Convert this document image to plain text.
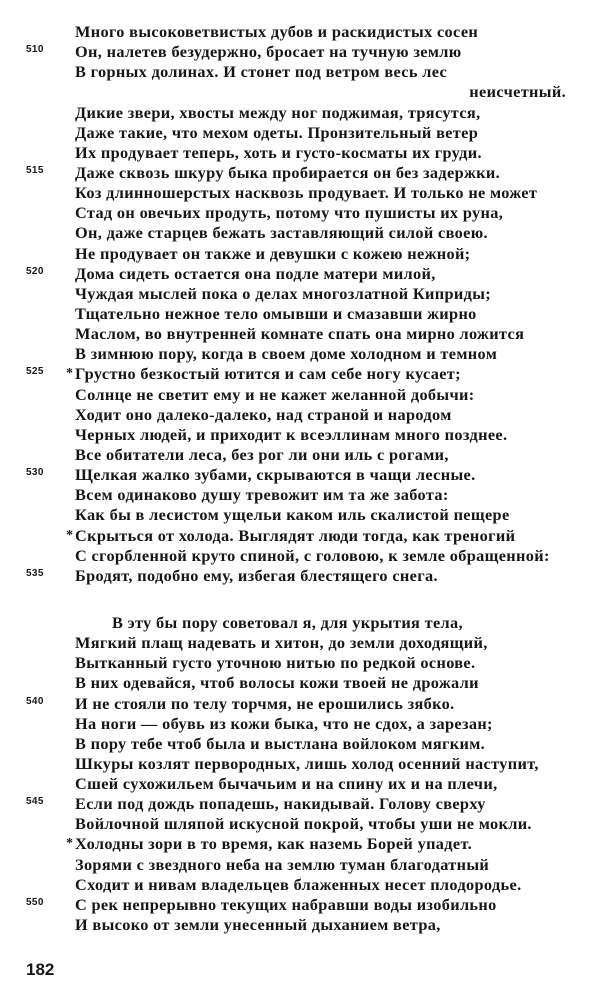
Много высоковетвистых дубов и раскидистых сосен
510 Он, налетев безудержно, бросает на тучную землю
В горных долинах. И стонет под ветром весь лес
неисчетный.
Дикие звери, хвосты между ног поджимая, трясутся,
Даже такие, что мехом одеты. Пронзительный ветер
Их продувает теперь, хоть и густо-косматы их груди.
515 Даже сквозь шкуру быка пробирается он без задержки.
Коз длинношерстых насквозь продувает. И только не может
Стад он овечьих продуть, потому что пушисты их руна,
Он, даже старцев бежать заставляющий силой своею.
Не продувает он также и девушки с кожею нежной;
520 Дома сидеть остается она подле матери милой,
Чуждая мыслей пока о делах многозлатной Киприды;
Тщательно нежное тело омывши и смазавши жирно
Маслом, во внутренней комнате спать она мирно ложится
В зимнюю пору, когда в своем доме холодном и темном
525 * Грустно безкостый ютится и сам себе ногу кусает;
Солнце не светит ему и не кажет желанной добычи:
Ходит оно далеко-далеко, над страной и народом
Черных людей, и приходит к всеэллинам много позднее.
Все обитатели леса, без рог ли они иль с рогами,
530 Щелкая жалко зубами, скрываются в чащи лесные.
Всем одинаково душу тревожит им та же забота:
Как бы в лесистом ущельи каком иль скалистой пещере
* Скрыться от холода. Выглядят люди тогда, как треногий
С сгорбленной круто спиной, с головою, к земле обращенной:
535 Бродят, подобно ему, избегая блестящего снега.
В эту бы пору советовал я, для укрытия тела,
Мягкий плащ надевать и хитон, до земли доходящий,
Вытканный густо уточною нитью по редкой основе.
В них одевайся, чтоб волосы кожи твоей не дрожали
540 И не стояли по телу торчмя, не ерошились зябко.
На ноги — обувь из кожи быка, что не сдох, а зарезан;
В пору тебе чтоб была и выстлана войлоком мягким.
Шкуры козлят первородных, лишь холод осенний наступит,
Сшей сухожильем бычачьим и на спину их и на плечи,
545 Если под дождь попадешь, накидывай. Голову сверху
Войлочной шляпой искусной покрой, чтобы уши не мокли.
* Холодны зори в то время, как наземь Борей упадет.
Зорями с звездного неба на землю туман благодатный
Сходит и нивам владельцев блаженных несет плодородье.
550 С рек непрерывно текущих набравши воды изобильно
И высоко от земли унесенный дыханием ветра,
182
